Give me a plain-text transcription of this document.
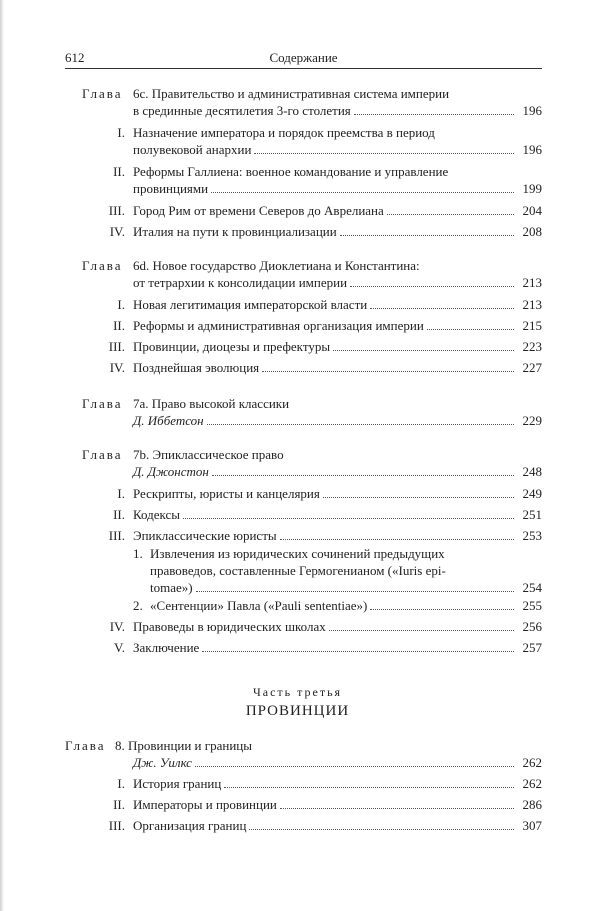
612	Содержание
Глава 6с. Правительство и административная система империи
в срединные десятилетия 3-го столетия	196
I. Назначение императора и порядок преемства в период
полувековой анархии	196
II. Реформы Галлиена: военное командование и управление
провинциями	199
III. Город Рим от времени Северов до Аврелиана	204
IV. Италия на пути к провинциализации	208
Глава 6d. Новое государство Диоклетиана и Константина:
от тетрархии к консолидации империи	213
I. Новая легитимация императорской власти	213
II. Реформы и административная организация империи	215
III. Провинции, диоцезы и префектуры	223
IV. Позднейшая эволюция	227
Глава 7а. Право высокой классики
Д. Иббетсон	229
Глава 7b. Эпиклассическое право
Д. Джонстон	248
I. Рескрипты, юристы и канцелярия	249
II. Кодексы	251
III. Эпиклассические юристы	253
1. Извлечения из юридических сочинений предыдущих
правоведов, составленные Гермогенианом («Iuris epi-
tomae»)	254
2. «Сентенции» Павла («Pauli sententiae»)	255
IV. Правоведы в юридических школах	256
V. Заключение	257
Часть третья
ПРОВИНЦИИ
Глава 8. Провинции и границы
Дж. Уилкс	262
I. История границ	262
II. Императоры и провинции	286
III. Организация границ	307
